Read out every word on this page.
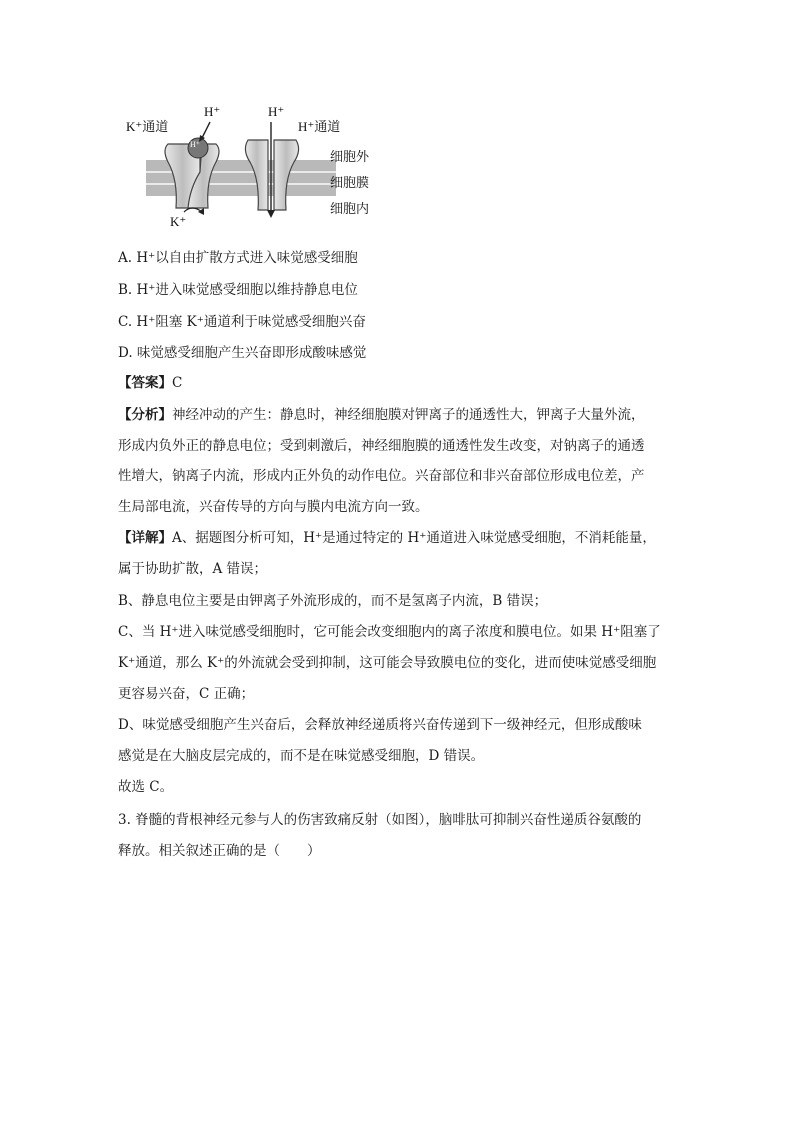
K⁺通道
H⁺
H⁺
H⁺
H⁺通道
K⁺
细胞外
细胞膜
细胞内
A. H⁺以自由扩散方式进入味觉感受细胞
B. H⁺进入味觉感受细胞以维持静息电位
C. H⁺阻塞 K⁺通道利于味觉感受细胞兴奋
D. 味觉感受细胞产生兴奋即形成酸味感觉
【答案】C
【分析】神经冲动的产生：静息时，神经细胞膜对钾离子的通透性大，钾离子大量外流，
形成内负外正的静息电位；受到刺激后，神经细胞膜的通透性发生改变，对钠离子的通透
性增大，钠离子内流，形成内正外负的动作电位。兴奋部位和非兴奋部位形成电位差，产
生局部电流，兴奋传导的方向与膜内电流方向一致。
【详解】A、据题图分析可知，H⁺是通过特定的 H⁺通道进入味觉感受细胞，不消耗能量，
属于协助扩散，A 错误；
B、静息电位主要是由钾离子外流形成的，而不是氢离子内流，B 错误；
C、当 H⁺进入味觉感受细胞时，它可能会改变细胞内的离子浓度和膜电位。如果 H⁺阻塞了
K⁺通道，那么 K⁺的外流就会受到抑制，这可能会导致膜电位的变化，进而使味觉感受细胞
更容易兴奋，C 正确；
D、味觉感受细胞产生兴奋后，会释放神经递质将兴奋传递到下一级神经元，但形成酸味
感觉是在大脑皮层完成的，而不是在味觉感受细胞，D 错误。
故选 C。
3. 脊髓的背根神经元参与人的伤害致痛反射（如图），脑啡肽可抑制兴奋性递质谷氨酸的
释放。相关叙述正确的是（　　）
